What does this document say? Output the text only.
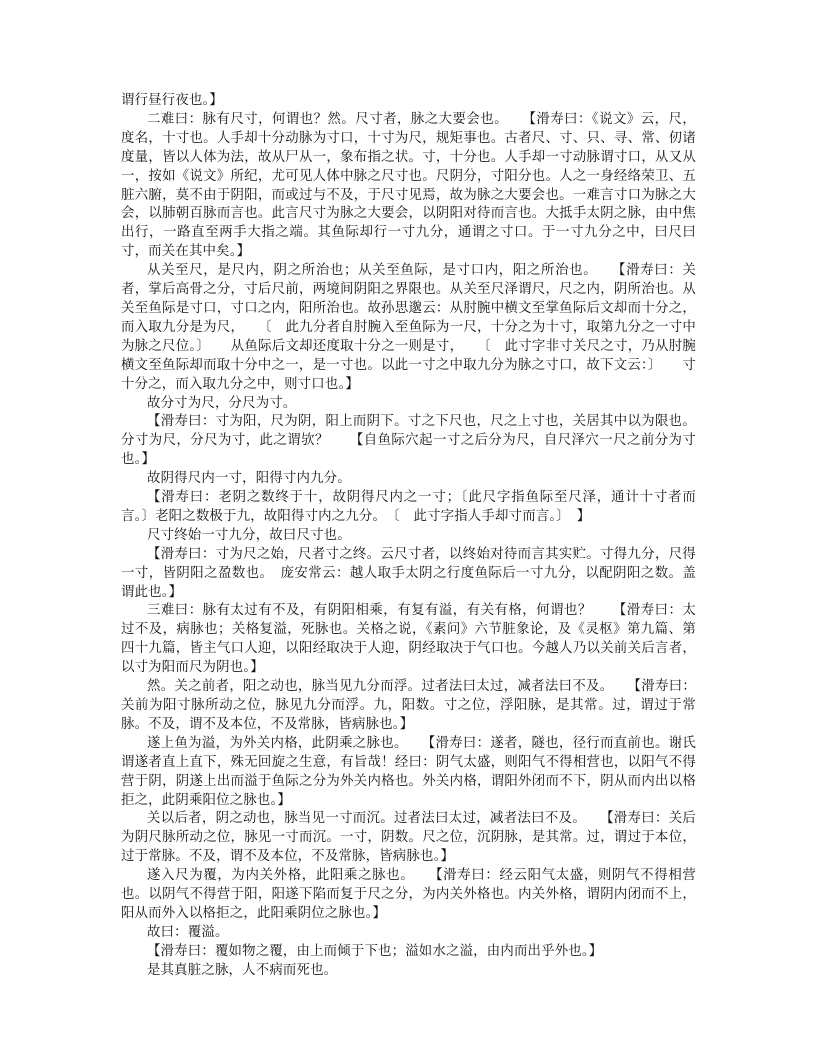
谓行昼行夜也。】

二难曰：脉有尺寸，何谓也？然。尺寸者，脉之大要会也。　　【滑寿曰：《说文》云，尺，度名，十寸也。人手却十分动脉为寸口，十寸为尺，规矩事也。古者尺、寸、只、寻、常、仞诸度量，皆以人体为法，故从尸从一，象布指之状。寸，十分也。人手却一寸动脉谓寸口，从又从一，按如《说文》所纪，尤可见人体中脉之尺寸也。尺阴分，寸阳分也。人之一身经络荣卫、五脏六腑，莫不由于阴阳，而或过与不及，于尺寸见焉，故为脉之大要会也。一难言寸口为脉之大会，以肺朝百脉而言也。此言尺寸为脉之大要会，以阴阳对待而言也。大抵手太阴之脉，由中焦出行，一路直至两手大指之端。其鱼际却行一寸九分，通谓之寸口。于一寸九分之中，曰尺曰寸，而关在其中矣。】

从关至尺，是尺内，阴之所治也；从关至鱼际，是寸口内，阳之所治也。　　【滑寿曰：关者，掌后高骨之分，寸后尺前，两境间阴阳之界限也。从关至尺泽谓尺，尺之内，阴所治也。从关至鱼际是寸口，寸口之内，阳所治也。故孙思邈云：从肘腕中横文至掌鱼际后文却而十分之，而入取九分是为尺，　　〔　此九分者自肘腕入至鱼际为一尺，十分之为十寸，取第九分之一寸中为脉之尺位。〕　　从鱼际后文却还度取十分之一则是寸，　　〔　此寸字非寸关尺之寸，乃从肘腕横文至鱼际却而取十分中之一，是一寸也。以此一寸之中取九分为脉之寸口，故下文云：〕　　寸十分之，而入取九分之中，则寸口也。】

故分寸为尺，分尺为寸。

【滑寿曰：寸为阳，尺为阴，阳上而阴下。寸之下尺也，尺之上寸也，关居其中以为限也。分寸为尺，分尺为寸，此之谓欤？　　【自鱼际穴起一寸之后分为尺，自尺泽穴一尺之前分为寸也。】

故阴得尺内一寸，阳得寸内九分。

【滑寿曰：老阴之数终于十，故阴得尺内之一寸；〔此尺字指鱼际至尺泽，通计十寸者而言。〕老阳之数极于九，故阳得寸内之九分。　〔　此寸字指人手却寸而言。〕　】

尺寸终始一寸九分，故曰尺寸也。

【滑寿曰：寸为尺之始，尺者寸之终。云尺寸者，以终始对待而言其实贮。寸得九分，尺得一寸，皆阴阳之盈数也。　庞安常云：越人取手太阴之行度鱼际后一寸九分，以配阴阳之数。盖谓此也。】

三难曰：脉有太过有不及，有阴阳相乘，有复有溢，有关有格，何谓也？　　【滑寿曰：太过不及，病脉也；关格复溢，死脉也。关格之说，《素问》六节脏象论，及《灵枢》第九篇、第四十九篇，皆主气口人迎，以阳经取决于人迎，阴经取决于气口也。今越人乃以关前关后言者，以寸为阳而尺为阴也。】

然。关之前者，阳之动也，脉当见九分而浮。过者法曰太过，减者法曰不及。　　【滑寿曰：关前为阳寸脉所动之位，脉见九分而浮。九，阳数。寸之位，浮阳脉，是其常。过，谓过于常脉。不及，谓不及本位，不及常脉，皆病脉也。】

遂上鱼为溢，为外关内格，此阴乘之脉也。　　【滑寿曰：遂者，隧也，径行而直前也。谢氏谓遂者直上直下，殊无回旋之生意，有旨哉！经曰：阴气太盛，则阳气不得相营也，以阳气不得营于阴，阴遂上出而溢于鱼际之分为外关内格也。外关内格，谓阳外闭而不下，阴从而内出以格拒之，此阴乘阳位之脉也。】

关以后者，阴之动也，脉当见一寸而沉。过者法曰太过，减者法曰不及。　　【滑寿曰：关后为阴尺脉所动之位，脉见一寸而沉。一寸，阴数。尺之位，沉阴脉，是其常。过，谓过于本位，过于常脉。不及，谓不及本位，不及常脉，皆病脉也。】

遂入尺为覆，为内关外格，此阳乘之脉也。　　【滑寿曰：经云阳气太盛，则阴气不得相营也。以阴气不得营于阳，阳遂下陷而复于尺之分，为内关外格也。内关外格，谓阴内闭而不上，阳从而外入以格拒之，此阳乘阴位之脉也。】

故曰：覆溢。

【滑寿曰：覆如物之覆，由上而倾于下也；溢如水之溢，由内而出乎外也。】

是其真脏之脉，人不病而死也。
